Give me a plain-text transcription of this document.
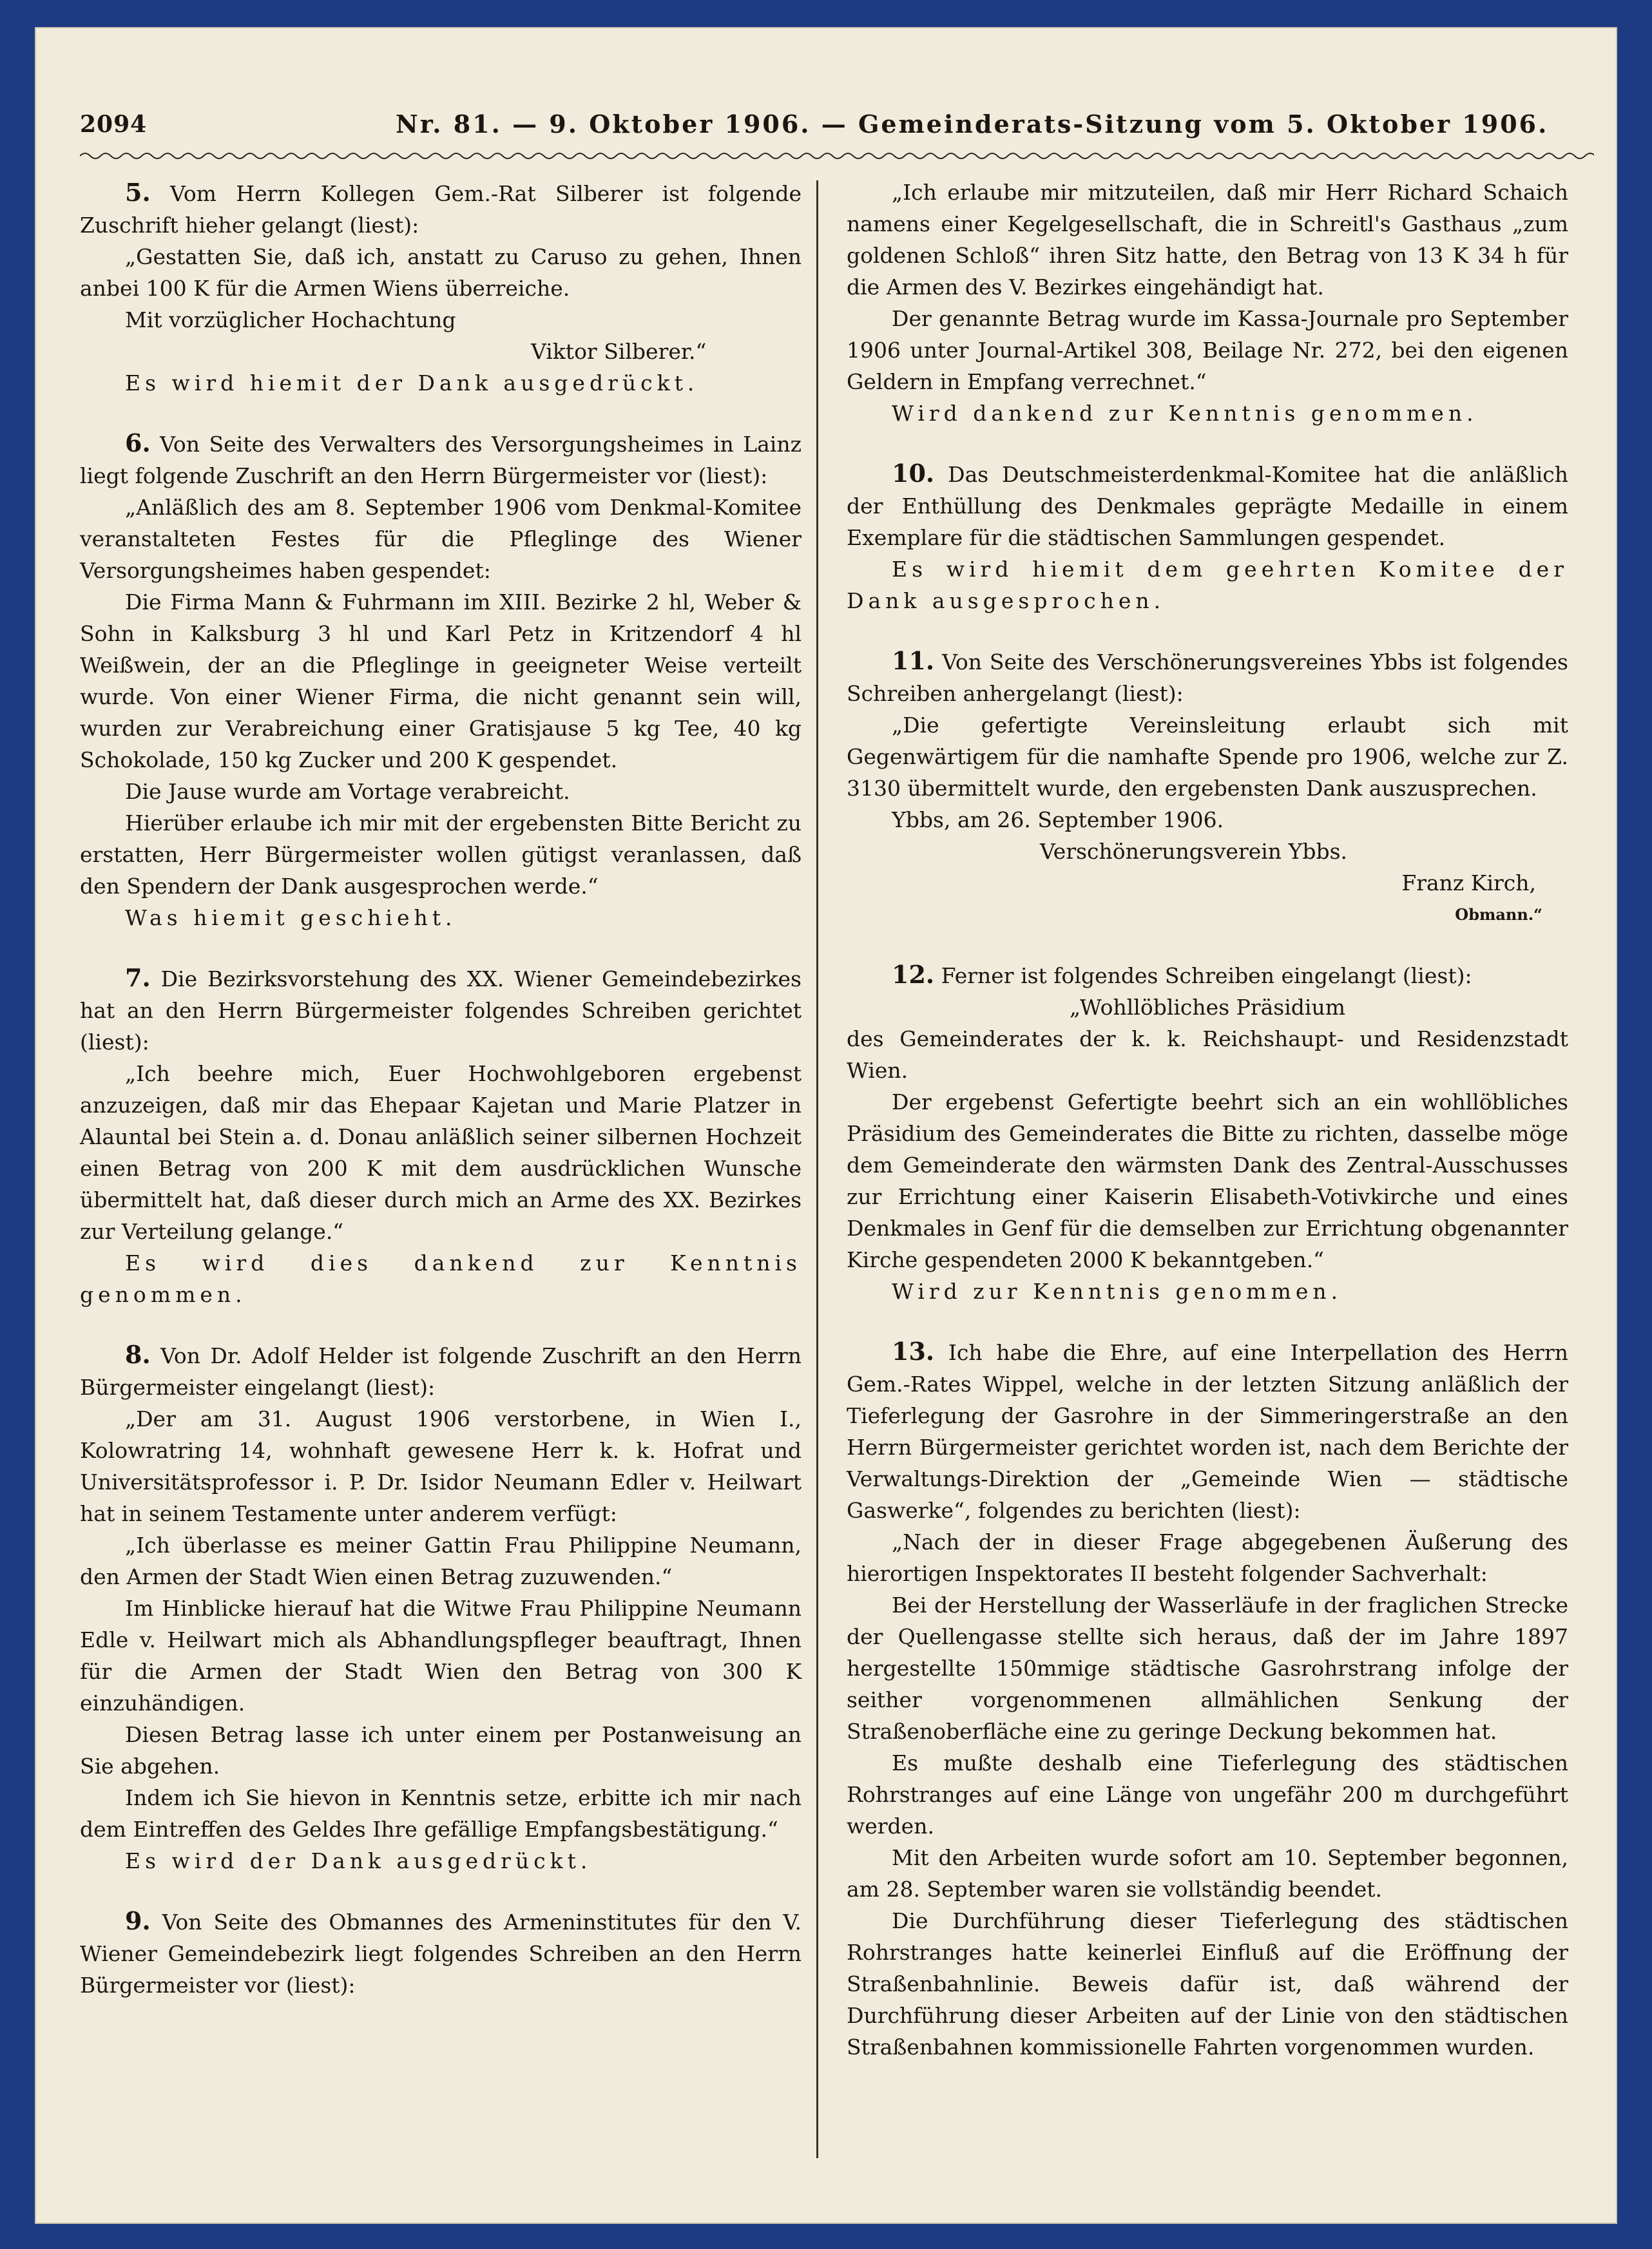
2094	Nr. 81. — 9. Oktober 1906. — Gemeinderats-Sitzung vom 5. Oktober 1906.

5. Vom Herrn Kollegen Gem.-Rat Silberer ist folgende Zuschrift hieher gelangt (liest):

„Gestatten Sie, daß ich, anstatt zu Caruso zu gehen, Ihnen anbei 100 K für die Armen Wiens überreiche.

Mit vorzüglicher Hochachtung

Viktor Silberer.“

Es wird hiemit der Dank ausgedrückt.

6. Von Seite des Verwalters des Versorgungsheimes in Lainz liegt folgende Zuschrift an den Herrn Bürgermeister vor (liest):

„Anläßlich des am 8. September 1906 vom Denkmal-Komitee veranstalteten Festes für die Pfleglinge des Wiener Versorgungsheimes haben gespendet:

Die Firma Mann & Fuhrmann im XIII. Bezirke 2 hl, Weber & Sohn in Kalksburg 3 hl und Karl Petz in Kritzendorf 4 hl Weißwein, der an die Pfleglinge in geeigneter Weise verteilt wurde. Von einer Wiener Firma, die nicht genannt sein will, wurden zur Verabreichung einer Gratisjause 5 kg Tee, 40 kg Schokolade, 150 kg Zucker und 200 K gespendet.

Die Jause wurde am Vortage verabreicht.

Hierüber erlaube ich mir mit der ergebensten Bitte Bericht zu erstatten, Herr Bürgermeister wollen gütigst veranlassen, daß den Spendern der Dank ausgesprochen werde.“

Was hiemit geschieht.

7. Die Bezirksvorstehung des XX. Wiener Gemeindebezirkes hat an den Herrn Bürgermeister folgendes Schreiben gerichtet (liest):

„Ich beehre mich, Euer Hochwohlgeboren ergebenst anzuzeigen, daß mir das Ehepaar Kajetan und Marie Platzer in Alauntal bei Stein a. d. Donau anläßlich seiner silbernen Hochzeit einen Betrag von 200 K mit dem ausdrücklichen Wunsche übermittelt hat, daß dieser durch mich an Arme des XX. Bezirkes zur Verteilung gelange.“

Es wird dies dankend zur Kenntnis genommen.

8. Von Dr. Adolf Helder ist folgende Zuschrift an den Herrn Bürgermeister eingelangt (liest):

„Der am 31. August 1906 verstorbene, in Wien I., Kolowratring 14, wohnhaft gewesene Herr k. k. Hofrat und Universitätsprofessor i. P. Dr. Isidor Neumann Edler v. Heilwart hat in seinem Testamente unter anderem verfügt:

„Ich überlasse es meiner Gattin Frau Philippine Neumann, den Armen der Stadt Wien einen Betrag zuzuwenden.“

Im Hinblicke hierauf hat die Witwe Frau Philippine Neumann Edle v. Heilwart mich als Abhandlungspfleger beauftragt, Ihnen für die Armen der Stadt Wien den Betrag von 300 K einzuhändigen.

Diesen Betrag lasse ich unter einem per Postanweisung an Sie abgehen.

Indem ich Sie hievon in Kenntnis setze, erbitte ich mir nach dem Eintreffen des Geldes Ihre gefällige Empfangsbestätigung.“

Es wird der Dank ausgedrückt.

9. Von Seite des Obmannes des Armeninstitutes für den V. Wiener Gemeindebezirk liegt folgendes Schreiben an den Herrn Bürgermeister vor (liest):

„Ich erlaube mir mitzuteilen, daß mir Herr Richard Schaich namens einer Kegelgesellschaft, die in Schreitl's Gasthaus „zum goldenen Schloß“ ihren Sitz hatte, den Betrag von 13 K 34 h für die Armen des V. Bezirkes eingehändigt hat.

Der genannte Betrag wurde im Kassa-Journale pro September 1906 unter Journal-Artikel 308, Beilage Nr. 272, bei den eigenen Geldern in Empfang verrechnet.“

Wird dankend zur Kenntnis genommen.

10. Das Deutschmeisterdenkmal-Komitee hat die anläßlich der Enthüllung des Denkmales geprägte Medaille in einem Exemplare für die städtischen Sammlungen gespendet.

Es wird hiemit dem geehrten Komitee der Dank ausgesprochen.

11. Von Seite des Verschönerungsvereines Ybbs ist folgendes Schreiben anhergelangt (liest):

„Die gefertigte Vereinsleitung erlaubt sich mit Gegenwärtigem für die namhafte Spende pro 1906, welche zur Z. 3130 übermittelt wurde, den ergebensten Dank auszusprechen.

Ybbs, am 26. September 1906.

Verschönerungsverein Ybbs.

Franz Kirch,

Obmann.“

12. Ferner ist folgendes Schreiben eingelangt (liest):

„Wohllöbliches Präsidium

des Gemeinderates der k. k. Reichshaupt- und Residenzstadt Wien.

Der ergebenst Gefertigte beehrt sich an ein wohllöbliches Präsidium des Gemeinderates die Bitte zu richten, dasselbe möge dem Gemeinderate den wärmsten Dank des Zentral-Ausschusses zur Errichtung einer Kaiserin Elisabeth-Votivkirche und eines Denkmales in Genf für die demselben zur Errichtung obgenannter Kirche gespendeten 2000 K bekanntgeben.“

Wird zur Kenntnis genommen.

13. Ich habe die Ehre, auf eine Interpellation des Herrn Gem.-Rates Wippel, welche in der letzten Sitzung anläßlich der Tieferlegung der Gasrohre in der Simmeringerstraße an den Herrn Bürgermeister gerichtet worden ist, nach dem Berichte der Verwaltungs-Direktion der „Gemeinde Wien — städtische Gaswerke“, folgendes zu berichten (liest):

„Nach der in dieser Frage abgegebenen Äußerung des hierortigen Inspektorates II besteht folgender Sachverhalt:

Bei der Herstellung der Wasserläufe in der fraglichen Strecke der Quellengasse stellte sich heraus, daß der im Jahre 1897 hergestellte 150mmige städtische Gasrohrstrang infolge der seither vorgenommenen allmählichen Senkung der Straßenoberfläche eine zu geringe Deckung bekommen hat.

Es mußte deshalb eine Tieferlegung des städtischen Rohrstranges auf eine Länge von ungefähr 200 m durchgeführt werden.

Mit den Arbeiten wurde sofort am 10. September begonnen, am 28. September waren sie vollständig beendet.

Die Durchführung dieser Tieferlegung des städtischen Rohrstranges hatte keinerlei Einfluß auf die Eröffnung der Straßenbahnlinie. Beweis dafür ist, daß während der Durchführung dieser Arbeiten auf der Linie von den städtischen Straßenbahnen kommissionelle Fahrten vorgenommen wurden.
